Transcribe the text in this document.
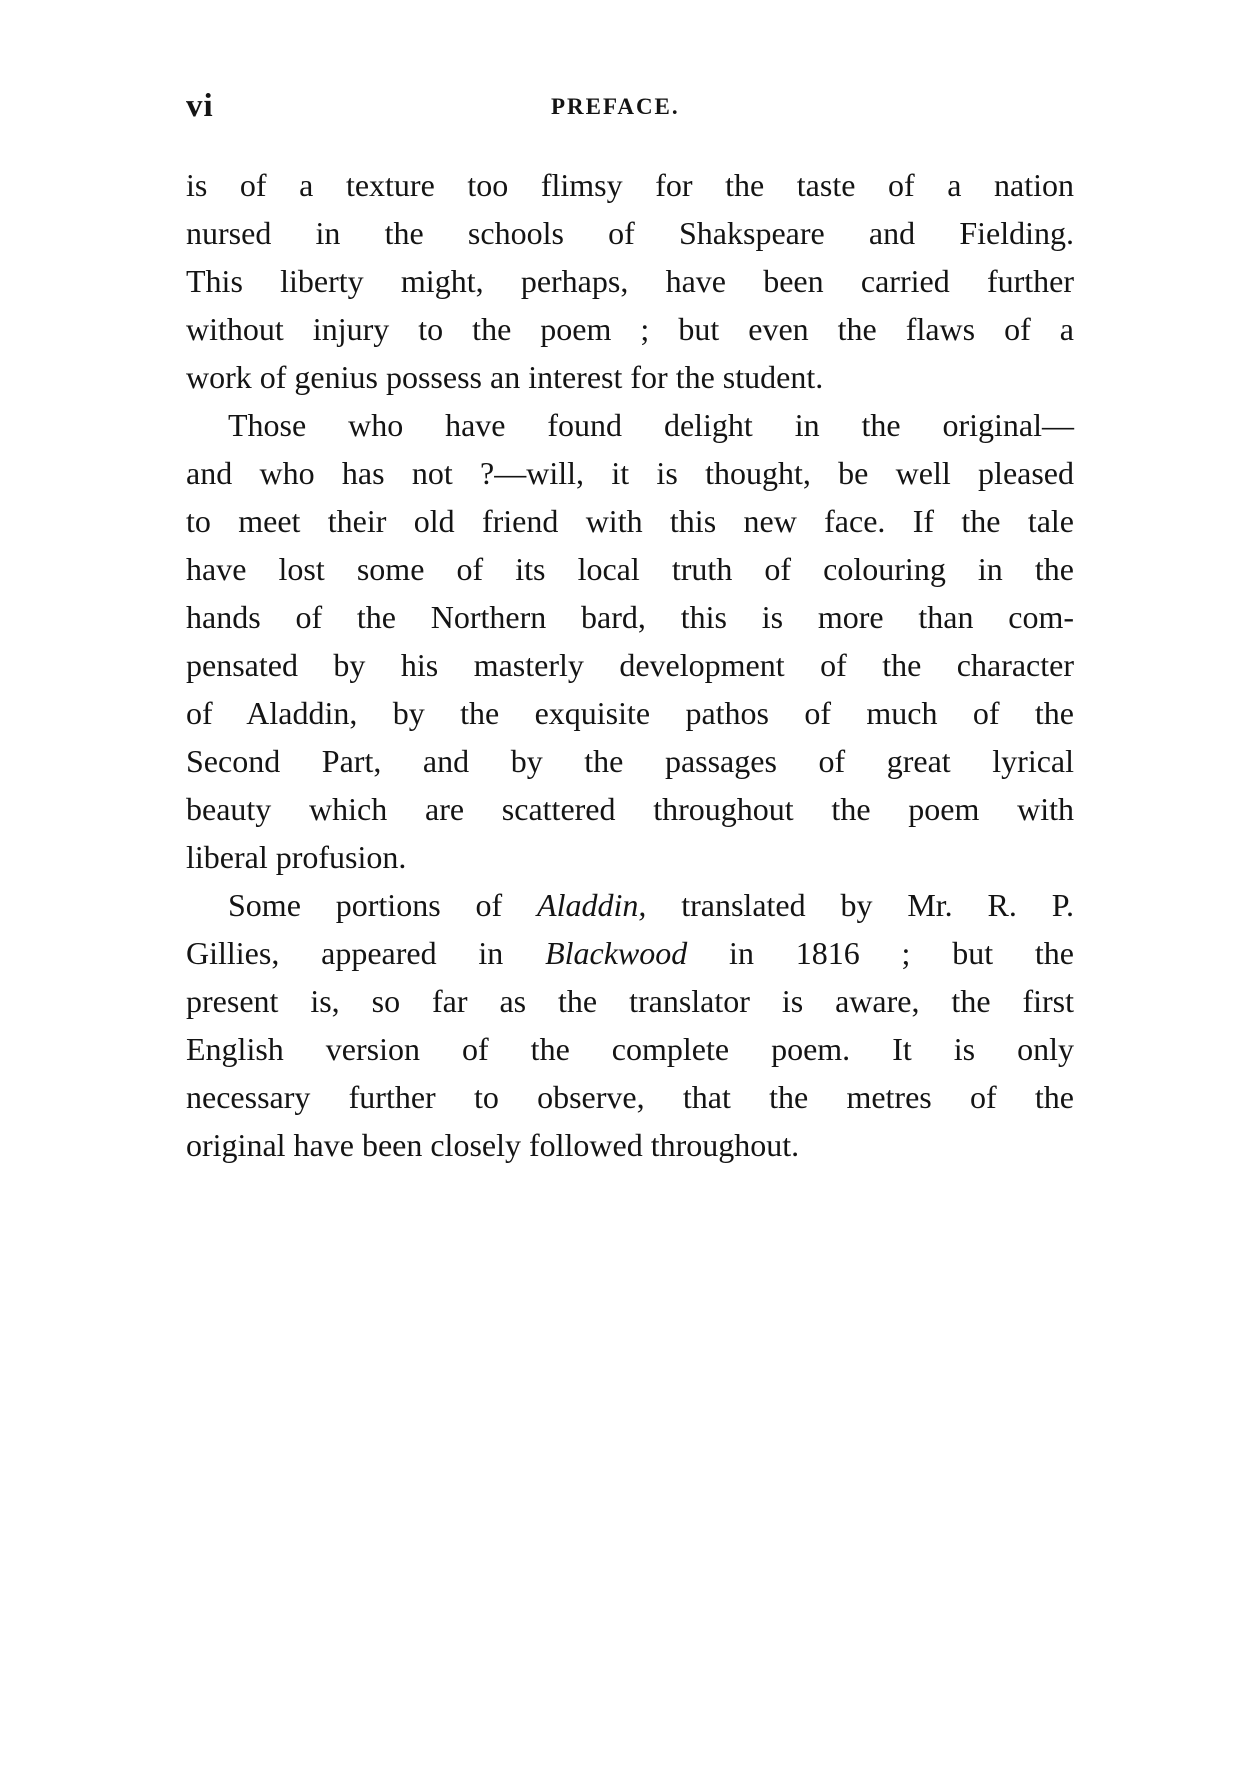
vi	PREFACE.
is of a texture too flimsy for the taste of a nation
nursed in the schools of Shakspeare and Fielding.
This liberty might, perhaps, have been carried further
without injury to the poem ; but even the flaws of a
work of genius possess an interest for the student.
Those who have found delight in the original—
and who has not ?—will, it is thought, be well pleased
to meet their old friend with this new face. If the tale
have lost some of its local truth of colouring in the
hands of the Northern bard, this is more than com-
pensated by his masterly development of the character
of Aladdin, by the exquisite pathos of much of the
Second Part, and by the passages of great lyrical
beauty which are scattered throughout the poem with
liberal profusion.
Some portions of Aladdin, translated by Mr. R. P.
Gillies, appeared in Blackwood in 1816 ; but the
present is, so far as the translator is aware, the first
English version of the complete poem. It is only
necessary further to observe, that the metres of the
original have been closely followed throughout.
